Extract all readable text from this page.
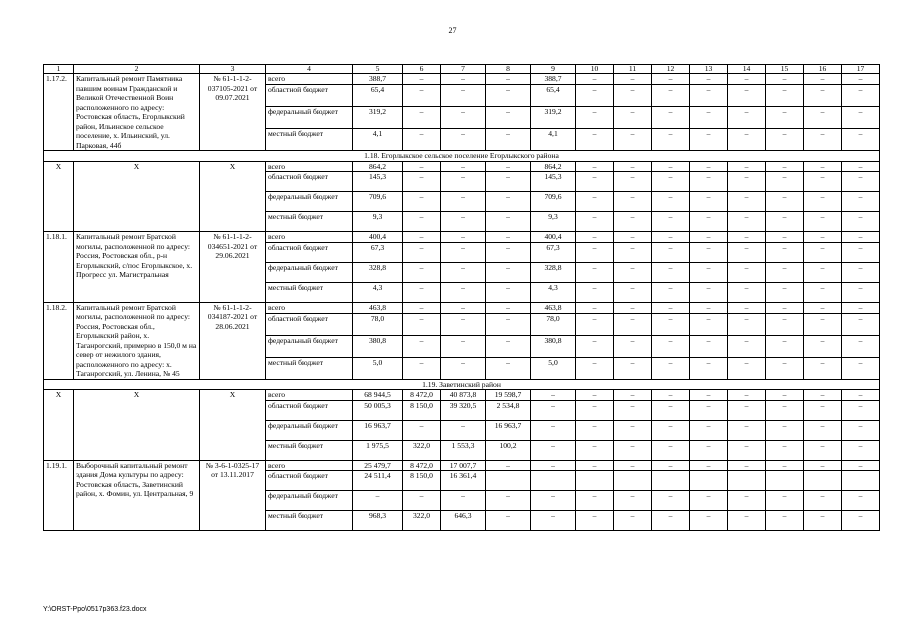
27
1	2	3	4	5	6	7	8	9	10	11	12	13	14	15	16	17
1.17.2.	Капитальный ремонт Памятника павшим воинам Гражданской и Великой Отечественной Воин расположенного по адресу: Ростовская область, Егорлыкский район, Ильинское сельское поселение, х. Ильинский, ул. Парковая, 44б	№ 61-1-1-2-037105-2021 от 09.07.2021	всего	388,7	–	–	–	388,7	–	–	–	–	–	–	–	–
			областной бюджет	65,4	–	–	–	65,4	–	–	–	–	–	–	–	–
			федеральный бюджет	319,2	–	–	–	319,2	–	–	–	–	–	–	–	–
			местный бюджет	4,1	–	–	–	4,1	–	–	–	–	–	–	–	–
1.18. Егорлыкское сельское поселение Егорлыкского района																
Х	Х	Х	всего	864,2	–	–	–	864,2	–	–	–	–	–	–	–	–
			областной бюджет	145,3	–	–	–	145,3	–	–	–	–	–	–	–	–
			федеральный бюджет	709,6	–	–	–	709,6	–	–	–	–	–	–	–	–
			местный бюджет	9,3	–	–	–	9,3	–	–	–	–	–	–	–	–
1.18.1.	Капитальный ремонт Братской могилы, расположенной по адресу: Россия, Ростовская обл., р-н Егорлыкский, с/пос Егорлыкское, х. Прогресс ул. Магистральная	№ 61-1-1-2-034651-2021 от 29.06.2021	всего	400,4	–	–	–	400,4	–	–	–	–	–	–	–	–
			областной бюджет	67,3	–	–	–	67,3	–	–	–	–	–	–	–	–
			федеральный бюджет	328,8	–	–	–	328,8	–	–	–	–	–	–	–	–
			местный бюджет	4,3	–	–	–	4,3	–	–	–	–	–	–	–	–
1.18.2.	Капитальный ремонт Братской могилы, расположенной по адресу: Россия, Ростовская обл., Егорлыкский район, х. Таганрогский, примерно в 150,0 м на север от нежилого здания, расположенного по адресу: х. Таганрогский, ул. Ленина, № 45	№ 61-1-1-2-034187-2021 от 28.06.2021	всего	463,8	–	–	–	463,8	–	–	–	–	–	–	–	–
			областной бюджет	78,0	–	–	–	78,0	–	–	–	–	–	–	–	–
			федеральный бюджет	380,8	–	–	–	380,8	–	–	–	–	–	–	–	–
			местный бюджет	5,0	–	–	–	5,0	–	–	–	–	–	–	–	–
1.19. Заветинский район																
Х	Х	Х	всего	68 944,5	8 472,0	40 873,8	19 598,7	–	–	–	–	–	–	–	–	–
			областной бюджет	50 005,3	8 150,0	39 320,5	2 534,8	–	–	–	–	–	–	–	–	–
			федеральный бюджет	16 963,7	–	–	16 963,7	–	–	–	–	–	–	–	–	–
			местный бюджет	1 975,5	322,0	1 553,3	100,2	–	–	–	–	–	–	–	–	–
1.19.1.	Выборочный капитальный ремонт здания Дома культуры по адресу: Ростовская область, Заветинский район, х. Фомин, ул. Центральная, 9	№ 3-6-1-0325-17 от 13.11.2017	всего	25 479,7	8 472,0	17 007,7	–	–	–	–	–	–	–	–	–	–
			областной бюджет	24 511,4	8 150,0	16 361,4										
			федеральный бюджет	–	–	–	–	–	–	–	–	–	–	–	–	–
			местный бюджет	968,3	322,0	646,3	–	–	–	–	–	–	–	–	–	–
Y:\ORST-Ppo\0517p363.f23.docx
